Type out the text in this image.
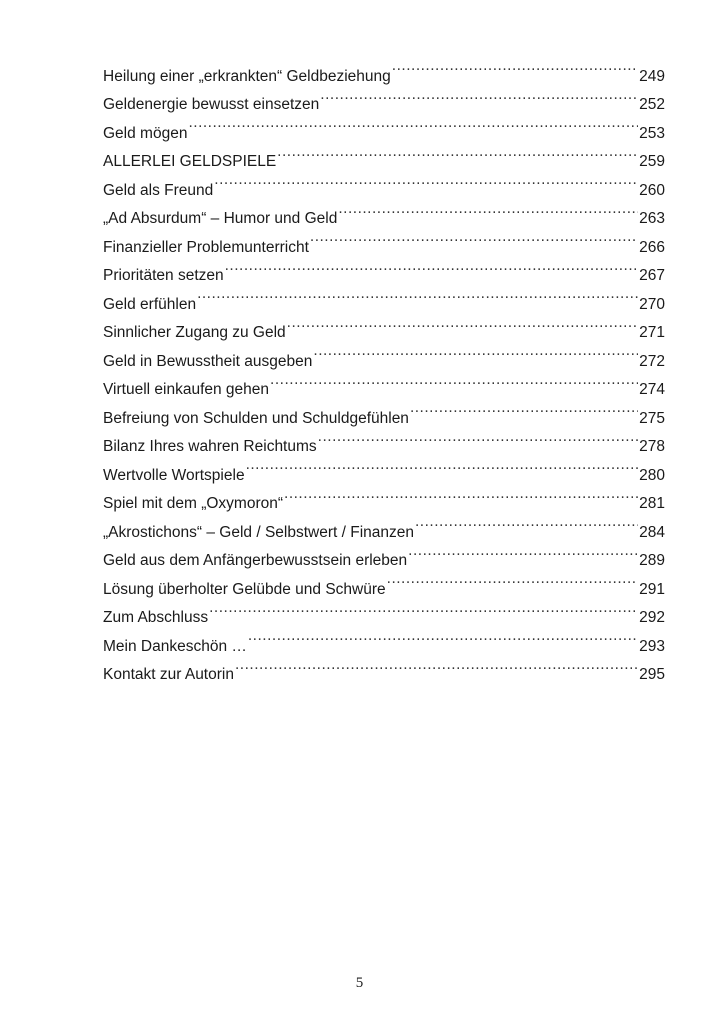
Heilung einer „erkrankten“ Geldbeziehung .....	249
Geldenergie bewusst einsetzen .....	252
Geld mögen .....	253
ALLERLEI GELDSPIELE .....	259
Geld als Freund .....	260
„Ad Absurdum“ – Humor und Geld .....	263
Finanzieller Problemunterricht .....	266
Prioritäten setzen .....	267
Geld erfühlen .....	270
Sinnlicher Zugang zu Geld .....	271
Geld in Bewusstheit ausgeben .....	272
Virtuell einkaufen gehen .....	274
Befreiung von Schulden und Schuldgefühlen .....	275
Bilanz Ihres wahren Reichtums .....	278
Wertvolle Wortspiele .....	280
Spiel mit dem „Oxymoron“ .....	281
„Akrostichons“ – Geld / Selbstwert / Finanzen .....	284
Geld aus dem Anfängerbewusstsein erleben .....	289
Lösung überholter Gelübde und Schwüre .....	291
Zum Abschluss .....	292
Mein Dankeschön … .....	293
Kontakt zur Autorin .....	295
5
